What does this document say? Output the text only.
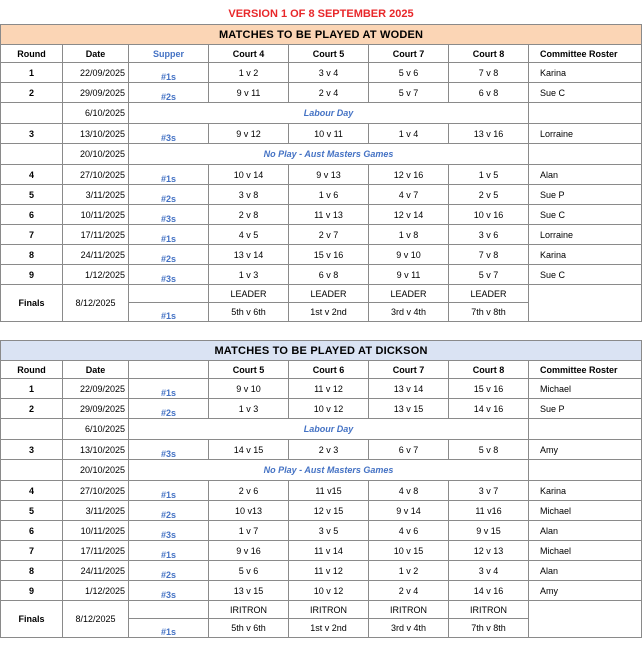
VERSION 1 OF 8 SEPTEMBER 2025
MATCHES TO BE PLAYED AT WODEN							
Round	Date	Supper	Court 4	Court 5	Court 7	Court 8	Committee Roster
1	22/09/2025	#1s	1 v 2	3 v 4	5 v 6	7 v 8	Karina
2	29/09/2025	#2s	9 v 11	2 v 4	5 v 7	6 v 8	Sue C
	6/10/2025	Labour Day					
3	13/10/2025	#3s	9 v 12	10 v 11	1 v 4	13 v 16	Lorraine
	20/10/2025	No Play - Aust Masters Games					
4	27/10/2025	#1s	10 v 14	9 v 13	12 v 16	1 v 5	Alan
5	3/11/2025	#2s	3 v 8	1 v 6	4 v 7	2 v 5	Sue P
6	10/11/2025	#3s	2 v 8	11 v 13	12 v 14	10 v 16	Sue C
7	17/11/2025	#1s	4 v 5	2 v 7	1 v 8	3 v 6	Lorraine
8	24/11/2025	#2s	13 v 14	15 v 16	9 v 10	7 v 8	Karina
9	1/12/2025	#3s	1 v 3	6 v 8	9 v 11	5 v 7	Sue C
Finals	8/12/2025		LEADER	LEADER	LEADER	LEADER	
		#1s	5th v 6th	1st v 2nd	3rd v 4th	7th v 8th	
MATCHES TO BE PLAYED AT DICKSON							
Round	Date		Court 5	Court 6	Court 7	Court 8	Committee Roster
1	22/09/2025	#1s	9 v 10	11 v 12	13 v 14	15 v 16	Michael
2	29/09/2025	#2s	1 v 3	10 v 12	13 v 15	14 v 16	Sue P
	6/10/2025	Labour Day					
3	13/10/2025	#3s	14 v 15	2 v 3	6 v 7	5 v 8	Amy
	20/10/2025	No Play - Aust Masters Games					
4	27/10/2025	#1s	2 v 6	11 v15	4 v 8	3 v 7	Karina
5	3/11/2025	#2s	10 v13	12 v 15	9 v 14	11 v16	Michael
6	10/11/2025	#3s	1 v 7	3 v 5	4 v 6	9 v 15	Alan
7	17/11/2025	#1s	9 v 16	11 v 14	10 v 15	12 v 13	Michael
8	24/11/2025	#2s	5 v 6	11 v 12	1 v 2	3 v 4	Alan
9	1/12/2025	#3s	13 v 15	10 v 12	2 v 4	14 v 16	Amy
Finals	8/12/2025		IRITRON	IRITRON	IRITRON	IRITRON	
		#1s	5th v 6th	1st v 2nd	3rd v 4th	7th v 8th	
